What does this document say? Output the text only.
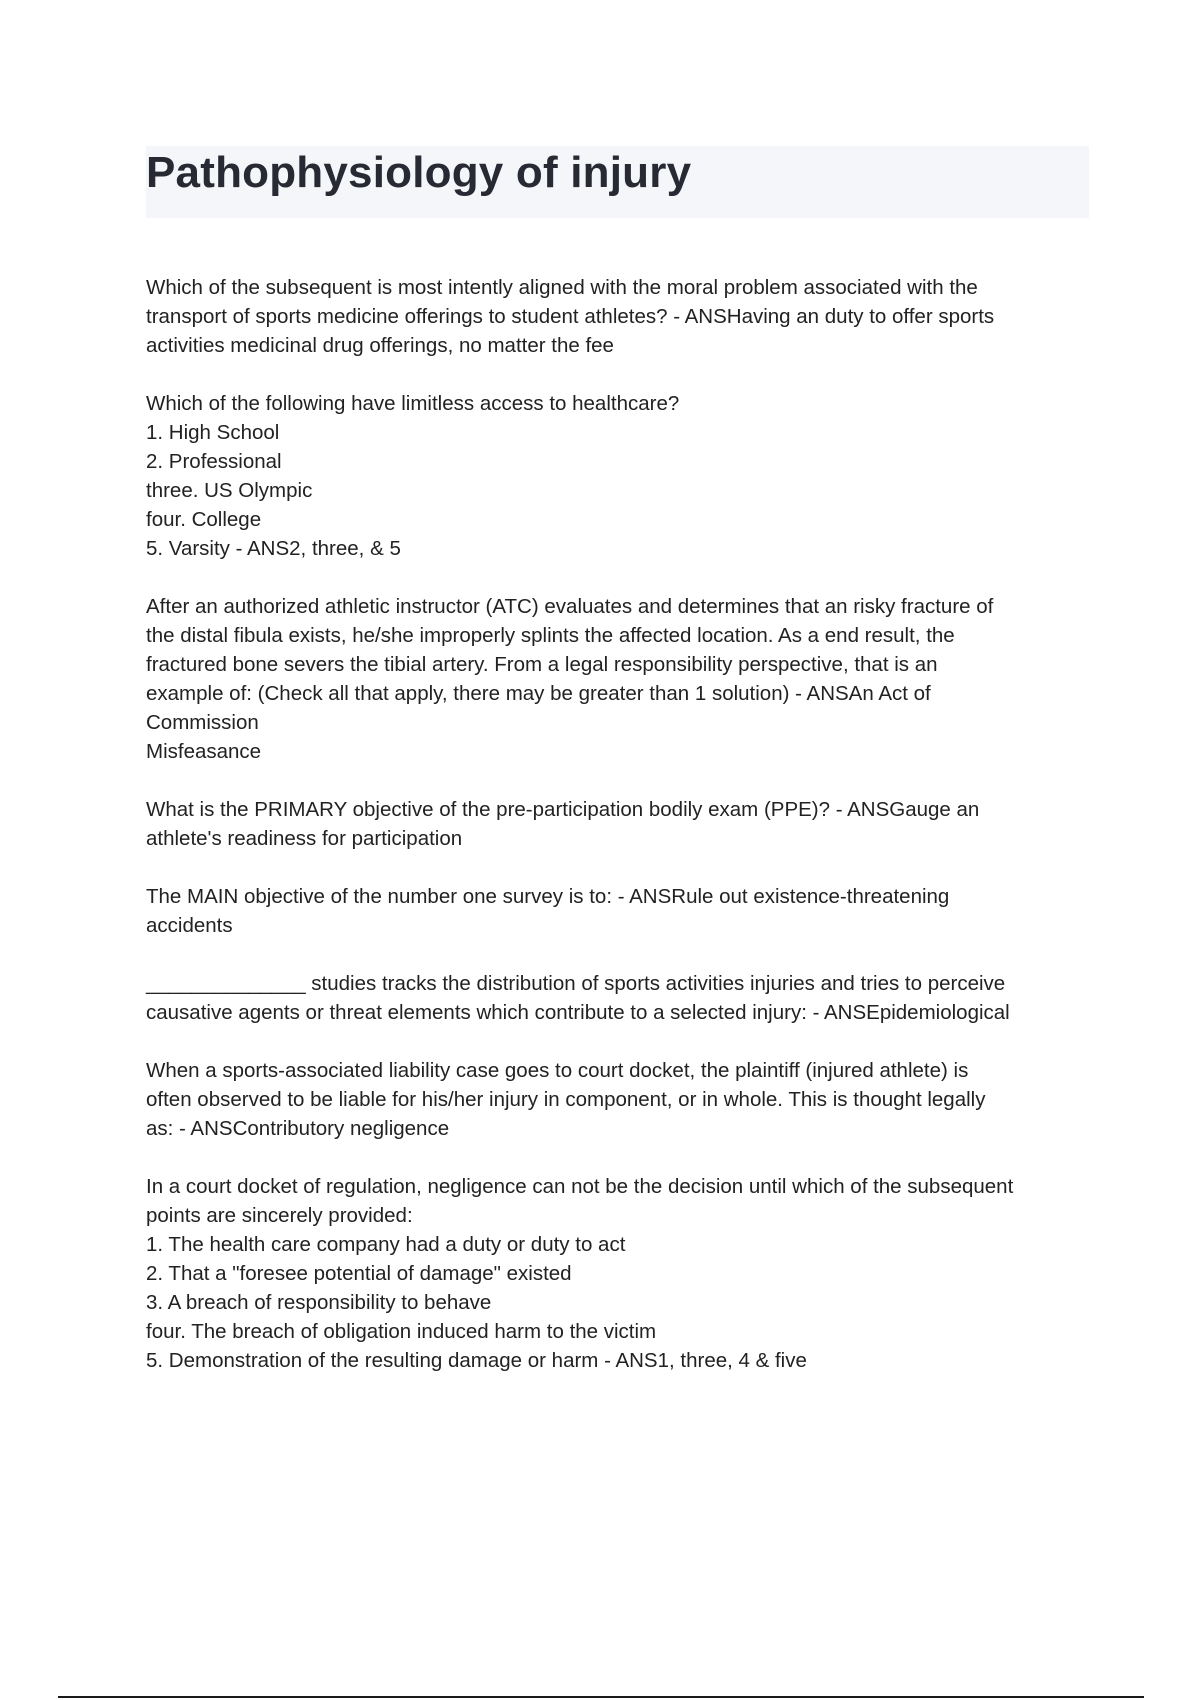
Pathophysiology of injury

Which of the subsequent is most intently aligned with the moral problem associated with the
transport of sports medicine offerings to student athletes? - ANSHaving an duty to offer sports
activities medicinal drug offerings, no matter the fee

Which of the following have limitless access to healthcare?
1. High School
2. Professional
three. US Olympic
four. College
5. Varsity - ANS2, three, & 5

After an authorized athletic instructor (ATC) evaluates and determines that an risky fracture of
the distal fibula exists, he/she improperly splints the affected location. As a end result, the
fractured bone severs the tibial artery. From a legal responsibility perspective, that is an
example of: (Check all that apply, there may be greater than 1 solution) - ANSAn Act of
Commission
Misfeasance

What is the PRIMARY objective of the pre-participation bodily exam (PPE)? - ANSGauge an
athlete's readiness for participation

The MAIN objective of the number one survey is to: - ANSRule out existence-threatening
accidents

______________ studies tracks the distribution of sports activities injuries and tries to perceive
causative agents or threat elements which contribute to a selected injury: - ANSEpidemiological

When a sports-associated liability case goes to court docket, the plaintiff (injured athlete) is
often observed to be liable for his/her injury in component, or in whole. This is thought legally
as: - ANSContributory negligence

In a court docket of regulation, negligence can not be the decision until which of the subsequent
points are sincerely provided:
1. The health care company had a duty or duty to act
2. That a "foresee potential of damage" existed
3. A breach of responsibility to behave
four. The breach of obligation induced harm to the victim
5. Demonstration of the resulting damage or harm - ANS1, three, 4 & five
